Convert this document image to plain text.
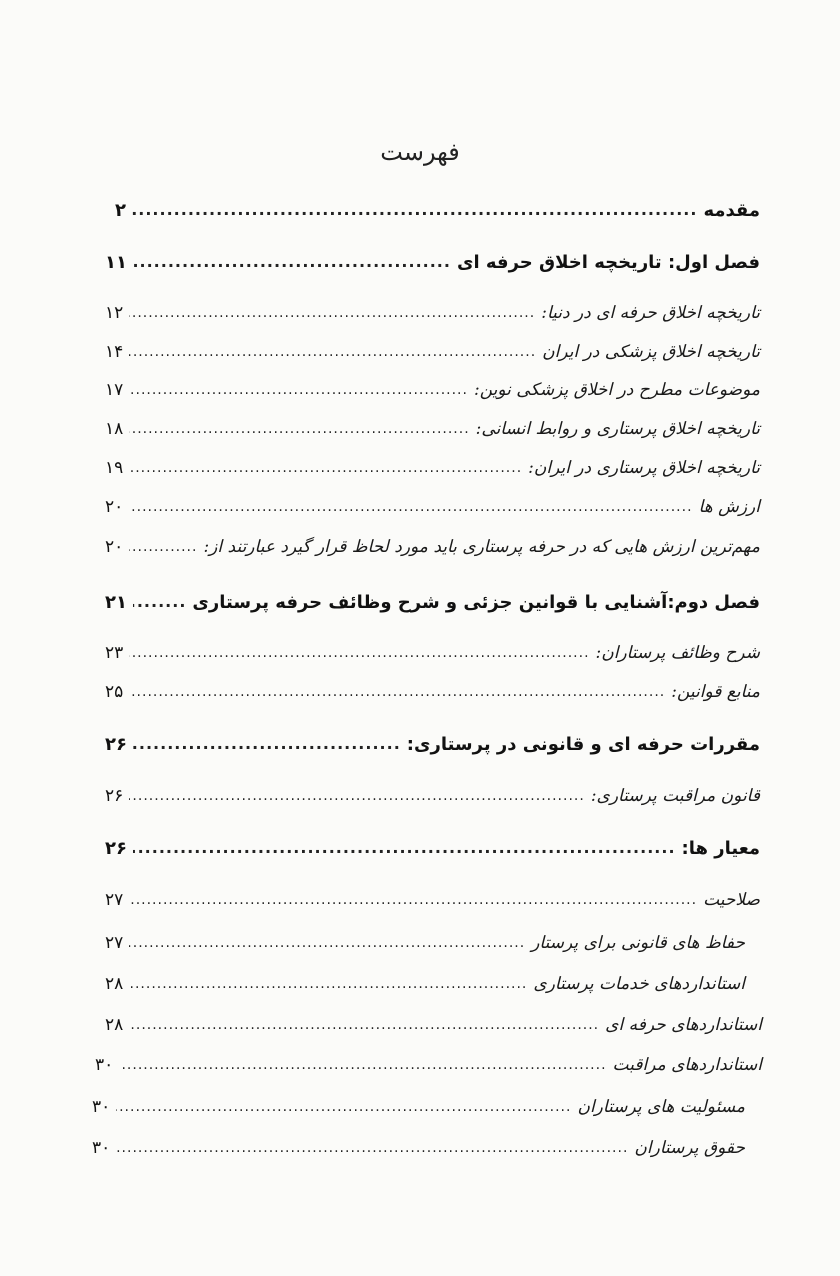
فهرست
مقدمه
.....
۲
فصل اول: تاریخچه اخلاق حرفه ای
.....
۱۱
تاریخچه اخلاق حرفه ای در دنیا:
.....
۱۲
تاریخچه اخلاق پزشکی در ایران
.....
۱۴
موضوعات مطرح در اخلاق پزشکی نوین:
.....
۱۷
تاریخچه اخلاق پرستاری و روابط انسانی:
.....
۱۸
تاریخچه اخلاق پرستاری در ایران:
.....
۱۹
ارزش ها
.....
۲۰
مهم‌ترین ارزش هایی که در حرفه پرستاری باید مورد لحاظ قرار گیرد عبارتند از:
.....
۲۰
فصل دوم:آشنایی با قوانین جزئی و شرح وظائف حرفه پرستاری
.....
۲۱
شرح وظائف پرستاران:
.....
۲۳
منابع قوانین:
.....
۲۵
مقررات حرفه ای و قانونی در پرستاری:
.....
۲۶
قانون مراقبت پرستاری:
.....
۲۶
معیار ها:
.....
۲۶
صلاحیت
.....
۲۷
حفاظ های قانونی برای پرستار
.....
۲۷
استانداردهای خدمات پرستاری
.....
۲۸
استانداردهای حرفه ای
.....
۲۸
استانداردهای مراقبت
.....
۳۰
مسئولیت های پرستاران
.....
۳۰
حقوق پرستاران
.....
۳۰
